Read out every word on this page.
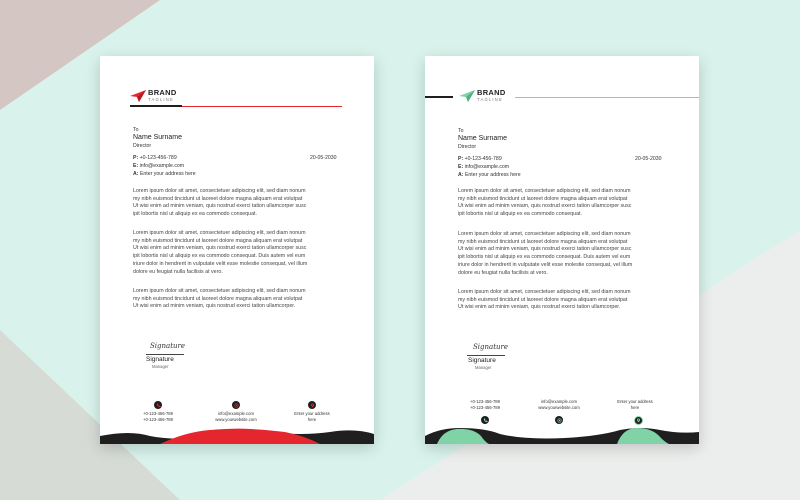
BRAND
TAGLINE
To
Name Surname
Director
P: +0-123-456-789
E: info@example.com
A: Enter your address here
20-05-2030
Lorem ipsum dolor sit amet, consectetuer adipiscing elit, sed diam nonum
my nibh euismod tincidunt ut laoreet dolore magna aliquam erat volutpat
Ut wisi enim ad minim veniam, quis nostrud exerci tation ullamcorper susc
ipit lobortis nisl ut aliquip ex ea commodo consequat.
Lorem ipsum dolor sit amet, consectetuer adipiscing elit, sed diam nonum
my nibh euismod tincidunt ut laoreet dolore magna aliquam erat volutpat
Ut wisi enim ad minim veniam, quis nostrud exerci tation ullamcorper susc
ipit lobortis nisl ut aliquip ex ea commodo consequat. Duis autem vel eum
iriure dolor in hendrerit in vulputate velit esse molestie consequat, vel illum
dolore eu feugiat nulla facilisis at vero.
Lorem ipsum dolor sit amet, consectetuer adipiscing elit, sed diam nonum
my nibh euismod tincidunt ut laoreet dolore magna aliquam erat volutpat
Ut wisi enim ad minim veniam, quis nostrud exerci tation ullamcorper.
Signature
Signature
Manager
+0-123-456-789
+0-123-456-789
info@example.com
www.yourwebsite.com
Enter your address
here
BRAND
TAGLINE
To
Name Surname
Director
P: +0-123-456-789
E: info@example.com
A: Enter your address here
20-05-2030
Lorem ipsum dolor sit amet, consectetuer adipiscing elit, sed diam nonum
my nibh euismod tincidunt ut laoreet dolore magna aliquam erat volutpat
Ut wisi enim ad minim veniam, quis nostrud exerci tation ullamcorper susc
ipit lobortis nisl ut aliquip ex ea commodo consequat.
Lorem ipsum dolor sit amet, consectetuer adipiscing elit, sed diam nonum
my nibh euismod tincidunt ut laoreet dolore magna aliquam erat volutpat
Ut wisi enim ad minim veniam, quis nostrud exerci tation ullamcorper susc
ipit lobortis nisl ut aliquip ex ea commodo consequat. Duis autem vel eum
iriure dolor in hendrerit in vulputate velit esse molestie consequat, vel illum
dolore eu feugiat nulla facilisis at vero.
Lorem ipsum dolor sit amet, consectetuer adipiscing elit, sed diam nonum
my nibh euismod tincidunt ut laoreet dolore magna aliquam erat volutpat
Ut wisi enim ad minim veniam, quis nostrud exerci tation ullamcorper.
Signature
Signature
Manager
+0-123-456-789
+0-123-456-789
info@example.com
www.yourwebsite.com
Enter your address
here
